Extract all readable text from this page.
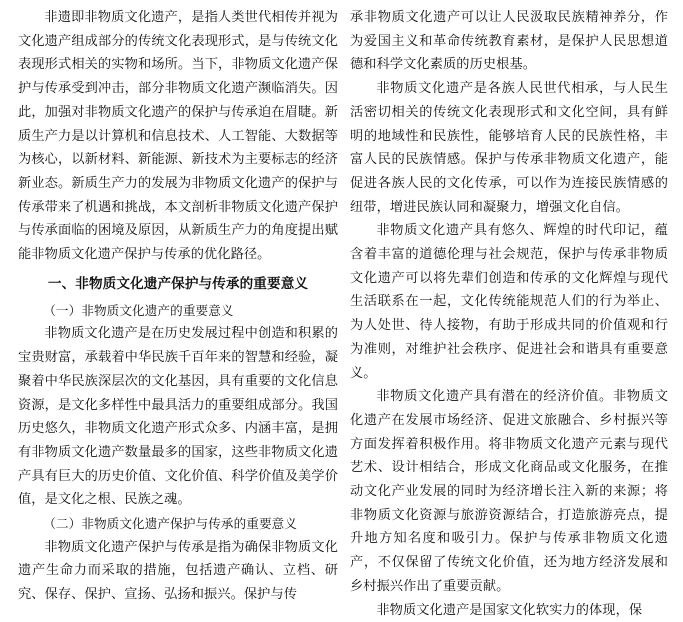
非遗即非物质文化遗产，是指人类世代相传并视为文化遗产组成部分的传统文化表现形式，是与传统文化表现形式相关的实物和场所。当下，非物质文化遗产保护与传承受到冲击，部分非物质文化遗产濒临消失。因此，加强对非物质文化遗产的保护与传承迫在眉睫。新质生产力是以计算机和信息技术、人工智能、大数据等为核心，以新材料、新能源、新技术为主要标志的经济新业态。新质生产力的发展为非物质文化遗产的保护与传承带来了机遇和挑战，本文剖析非物质文化遗产保护与传承面临的困境及原因，从新质生产力的角度提出赋能非物质文化遗产保护与传承的优化路径。

一、非物质文化遗产保护与传承的重要意义
（一）非物质文化遗产的重要意义

非物质文化遗产是在历史发展过程中创造和积累的宝贵财富，承载着中华民族千百年来的智慧和经验，凝聚着中华民族深层次的文化基因，具有重要的文化信息资源，是文化多样性中最具活力的重要组成部分。我国历史悠久，非物质文化遗产形式众多、内涵丰富，是拥有非物质文化遗产数量最多的国家，这些非物质文化遗产具有巨大的历史价值、文化价值、科学价值及美学价值，是文化之根、民族之魂。

（二）非物质文化遗产保护与传承的重要意义

非物质文化遗产保护与传承是指为确保非物质文化遗产生命力而采取的措施，包括遗产确认、立档、研究、保存、保护、宣扬、弘扬和振兴。保护与传

承非物质文化遗产可以让人民汲取民族精神养分，作为爱国主义和革命传统教育素材，是保护人民思想道德和科学文化素质的历史根基。

非物质文化遗产是各族人民世代相承，与人民生活密切相关的传统文化表现形式和文化空间，具有鲜明的地域性和民族性，能够培育人民的民族性格，丰富人民的民族情感。保护与传承非物质文化遗产，能促进各族人民的文化传承，可以作为连接民族情感的纽带，增进民族认同和凝聚力，增强文化自信。

非物质文化遗产具有悠久、辉煌的时代印记，蕴含着丰富的道德伦理与社会规范，保护与传承非物质文化遗产可以将先辈们创造和传承的文化辉煌与现代生活联系在一起，文化传统能规范人们的行为举止、为人处世、待人接物，有助于形成共同的价值观和行为准则，对维护社会秩序、促进社会和谐具有重要意义。

非物质文化遗产具有潜在的经济价值。非物质文化遗产在发展市场经济、促进文旅融合、乡村振兴等方面发挥着积极作用。将非物质文化遗产元素与现代艺术、设计相结合，形成文化商品或文化服务，在推动文化产业发展的同时为经济增长注入新的来源；将非物质文化资源与旅游资源结合，打造旅游亮点，提升地方知名度和吸引力。保护与传承非物质文化遗产，不仅保留了传统文化价值，还为地方经济发展和乡村振兴作出了重要贡献。

非物质文化遗产是国家文化软实力的体现，保
